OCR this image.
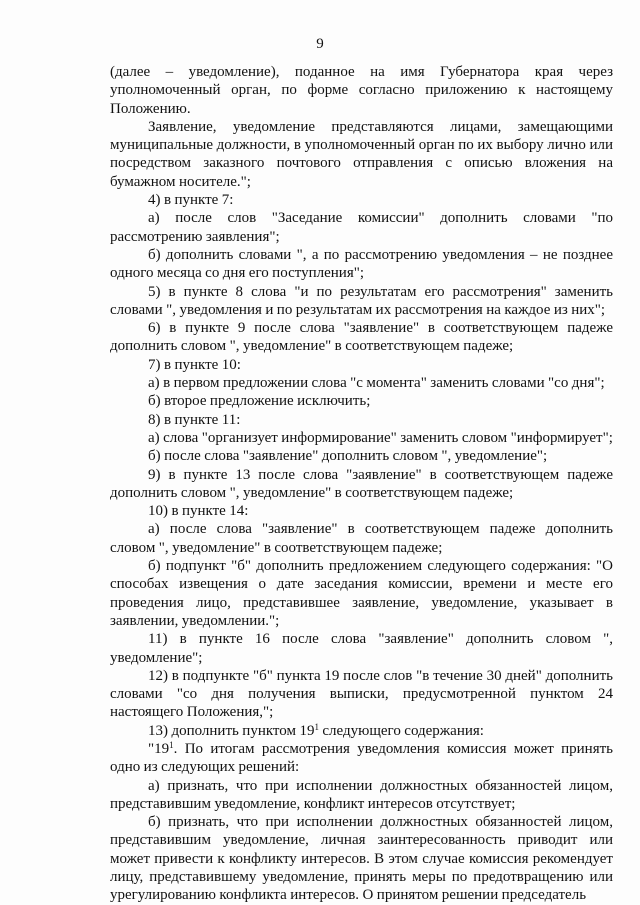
9

(далее – уведомление), поданное на имя Губернатора края через уполномоченный орган, по форме согласно приложению к настоящему Положению.

Заявление, уведомление представляются лицами, замещающими муниципальные должности, в уполномоченный орган по их выбору лично или посредством заказного почтового отправления с описью вложения на бумажном носителе.";

4) в пункте 7:

а) после слов "Заседание комиссии" дополнить словами "по рассмотрению заявления";

б) дополнить словами ", а по рассмотрению уведомления – не позднее одного месяца со дня его поступления";

5) в пункте 8 слова "и по результатам его рассмотрения" заменить словами ", уведомления и по результатам их рассмотрения на каждое из них";

6) в пункте 9 после слова "заявление" в соответствующем падеже дополнить словом ", уведомление" в соответствующем падеже;

7) в пункте 10:

а) в первом предложении слова "с момента" заменить словами "со дня";

б) второе предложение исключить;

8) в пункте 11:

а) слова "организует информирование" заменить словом "информирует";

б) после слова "заявление" дополнить словом ", уведомление";

9) в пункте 13 после слова "заявление" в соответствующем падеже дополнить словом ", уведомление" в соответствующем падеже;

10) в пункте 14:

а) после слова "заявление" в соответствующем падеже дополнить словом ", уведомление" в соответствующем падеже;

б) подпункт "б" дополнить предложением следующего содержания: "О способах извещения о дате заседания комиссии, времени и месте его проведения лицо, представившее заявление, уведомление, указывает в заявлении, уведомлении.";

11) в пункте 16 после слова "заявление" дополнить словом ", уведомление";

12) в подпункте "б" пункта 19 после слов "в течение 30 дней" дополнить словами "со дня получения выписки, предусмотренной пунктом 24 настоящего Положения,";

13) дополнить пунктом $19^1$ следующего содержания:

"$19^1$. По итогам рассмотрения уведомления комиссия может принять одно из следующих решений:

а) признать, что при исполнении должностных обязанностей лицом, представившим уведомление, конфликт интересов отсутствует;

б) признать, что при исполнении должностных обязанностей лицом, представившим уведомление, личная заинтересованность приводит или может привести к конфликту интересов. В этом случае комиссия рекомендует лицу, представившему уведомление, принять меры по предотвращению или урегулированию конфликта интересов. О принятом решении председатель
